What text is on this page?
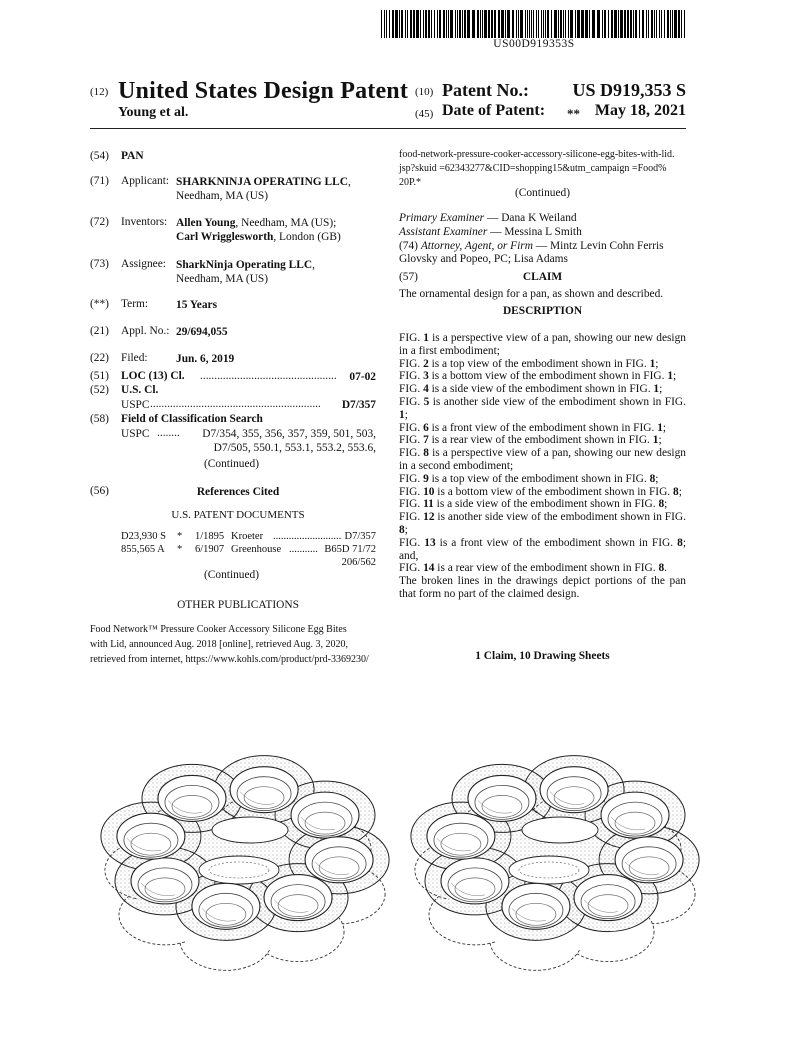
US00D919353S
(12) United States Design Patent
Young et al.
(10) Patent No.: US D919,353 S
(45) Date of Patent: ** May 18, 2021
(54) PAN
(71) Applicant: SHARKNINJA OPERATING LLC,
Needham, MA (US)
(72) Inventors: Allen Young, Needham, MA (US);
Carl Wrigglesworth, London (GB)
(73) Assignee: SharkNinja Operating LLC,
Needham, MA (US)
(**) Term: 15 Years
(21) Appl. No.: 29/694,055
(22) Filed: Jun. 6, 2019
(51) LOC (13) Cl. ................................................ 07-02
(52) U.S. Cl.
USPC ............................................................	D7/357
(58) Field of Classification Search
USPC ........ D7/354, 355, 356, 357, 359, 501, 503,
D7/505, 550.1, 553.1, 553.2, 553.6,
(Continued)
(56)	References Cited
U.S. PATENT DOCUMENTS
D23,930 S * 1/1895 Kroeter .......................... D7/357
855,565 A * 6/1907 Greenhouse ........... B65D 71/72
206/562
(Continued)
OTHER PUBLICATIONS
Food Network™ Pressure Cooker Accessory Silicone Egg Bites
with Lid, announced Aug. 2018 [online], retrieved Aug. 3, 2020,
retrieved from internet, https://www.kohls.com/product/prd-3369230/
food-network-pressure-cooker-accessory-silicone-egg-bites-with-lid.
jsp?skuid =62343277&CID=shopping15&utm_campaign =Food%
20P.*
(Continued)
Primary Examiner — Dana K Weiland
Assistant Examiner — Messina L Smith
(74) Attorney, Agent, or Firm — Mintz Levin Cohn Ferris
Glovsky and Popeo, PC; Lisa Adams
(57)	CLAIM
The ornamental design for a pan, as shown and described.
DESCRIPTION
FIG. 1 is a perspective view of a pan, showing our new design in a first embodiment;
FIG. 2 is a top view of the embodiment shown in FIG. 1;
FIG. 3 is a bottom view of the embodiment shown in FIG. 1;
FIG. 4 is a side view of the embodiment shown in FIG. 1;
FIG. 5 is another side view of the embodiment shown in FIG. 1;
FIG. 6 is a front view of the embodiment shown in FIG. 1;
FIG. 7 is a rear view of the embodiment shown in FIG. 1;
FIG. 8 is a perspective view of a pan, showing our new design in a second embodiment;
FIG. 9 is a top view of the embodiment shown in FIG. 8;
FIG. 10 is a bottom view of the embodiment shown in FIG. 8;
FIG. 11 is a side view of the embodiment shown in FIG. 8;
FIG. 12 is another side view of the embodiment shown in FIG. 8;
FIG. 13 is a front view of the embodiment shown in FIG. 8; and,
FIG. 14 is a rear view of the embodiment shown in FIG. 8.
The broken lines in the drawings depict portions of the pan that form no part of the claimed design.
1 Claim, 10 Drawing Sheets
